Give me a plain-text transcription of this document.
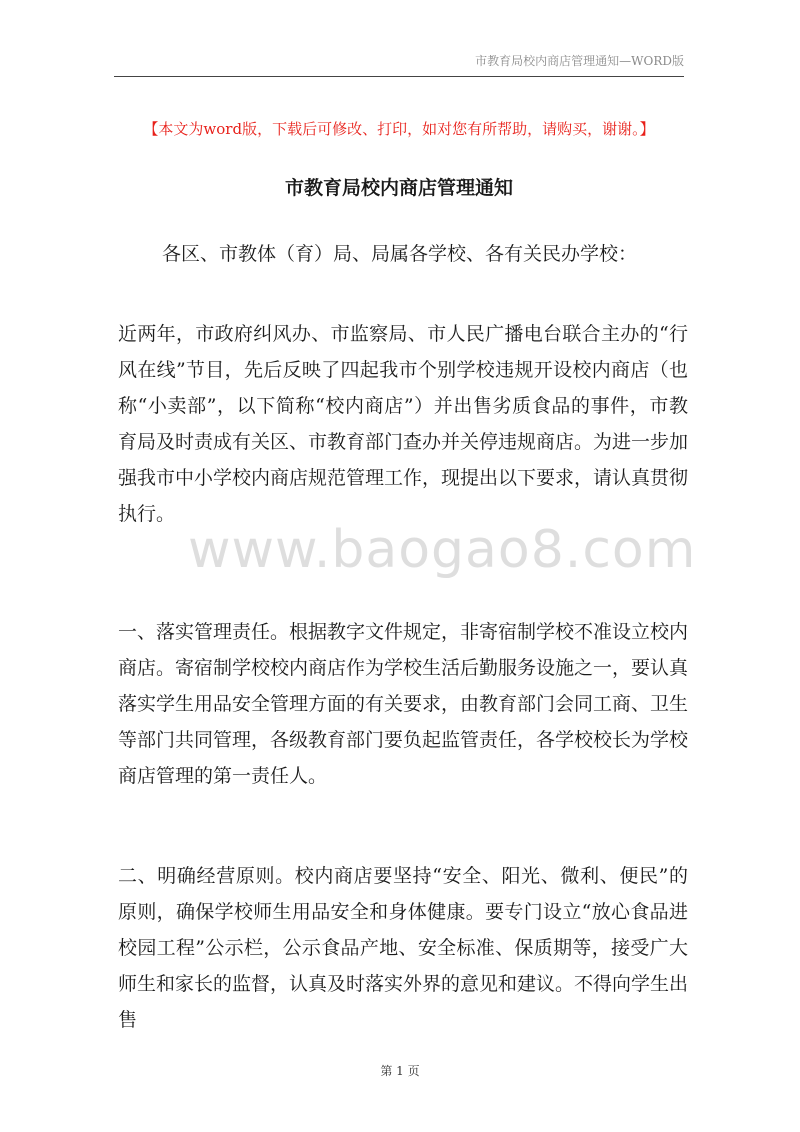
市教育局校内商店管理通知—WORD版
【本文为word版，下载后可修改、打印，如对您有所帮助，请购买，谢谢。】
市教育局校内商店管理通知
各区、市教体（育）局、局属各学校、各有关民办学校：
近两年，市政府纠风办、市监察局、市人民广播电台联合主办的“行风在线”节目，先后反映了四起我市个别学校违规开设校内商店（也称“小卖部”，以下简称“校内商店”）并出售劣质食品的事件，市教育局及时责成有关区、市教育部门查办并关停违规商店。为进一步加强我市中小学校内商店规范管理工作，现提出以下要求，请认真贯彻执行。
www.baogao8.com
一、落实管理责任。根据教字文件规定，非寄宿制学校不准设立校内商店。寄宿制学校校内商店作为学校生活后勤服务设施之一，要认真落实学生用品安全管理方面的有关要求，由教育部门会同工商、卫生等部门共同管理，各级教育部门要负起监管责任，各学校校长为学校商店管理的第一责任人。
二、明确经营原则。校内商店要坚持“安全、阳光、微利、便民”的原则，确保学校师生用品安全和身体健康。要专门设立“放心食品进校园工程”公示栏，公示食品产地、安全标准、保质期等，接受广大师生和家长的监督，认真及时落实外界的意见和建议。不得向学生出售
第 1 页
